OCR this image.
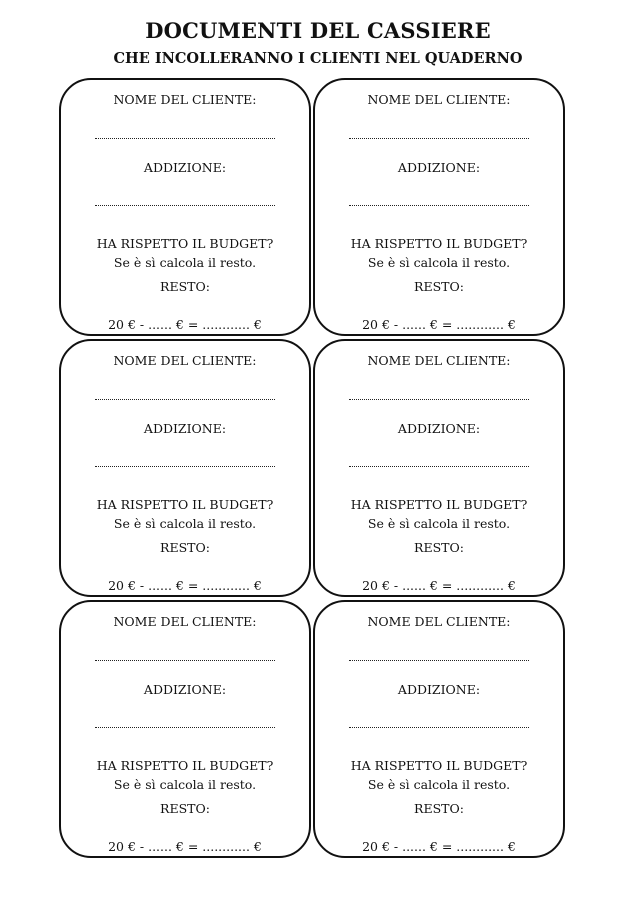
DOCUMENTI DEL CASSIERE
CHE INCOLLERANNO I CLIENTI NEL QUADERNO
NOME DEL CLIENTE:
ADDIZIONE:
HA RISPETTO IL BUDGET?
Se è sì calcola il resto.
RESTO:
20 € - ...... € = ............ €
NOME DEL CLIENTE:
ADDIZIONE:
HA RISPETTO IL BUDGET?
Se è sì calcola il resto.
RESTO:
20 € - ...... € = ............ €
NOME DEL CLIENTE:
ADDIZIONE:
HA RISPETTO IL BUDGET?
Se è sì calcola il resto.
RESTO:
20 € - ...... € = ............ €
NOME DEL CLIENTE:
ADDIZIONE:
HA RISPETTO IL BUDGET?
Se è sì calcola il resto.
RESTO:
20 € - ...... € = ............ €
NOME DEL CLIENTE:
ADDIZIONE:
HA RISPETTO IL BUDGET?
Se è sì calcola il resto.
RESTO:
20 € - ...... € = ............ €
NOME DEL CLIENTE:
ADDIZIONE:
HA RISPETTO IL BUDGET?
Se è sì calcola il resto.
RESTO:
20 € - ...... € = ............ €
